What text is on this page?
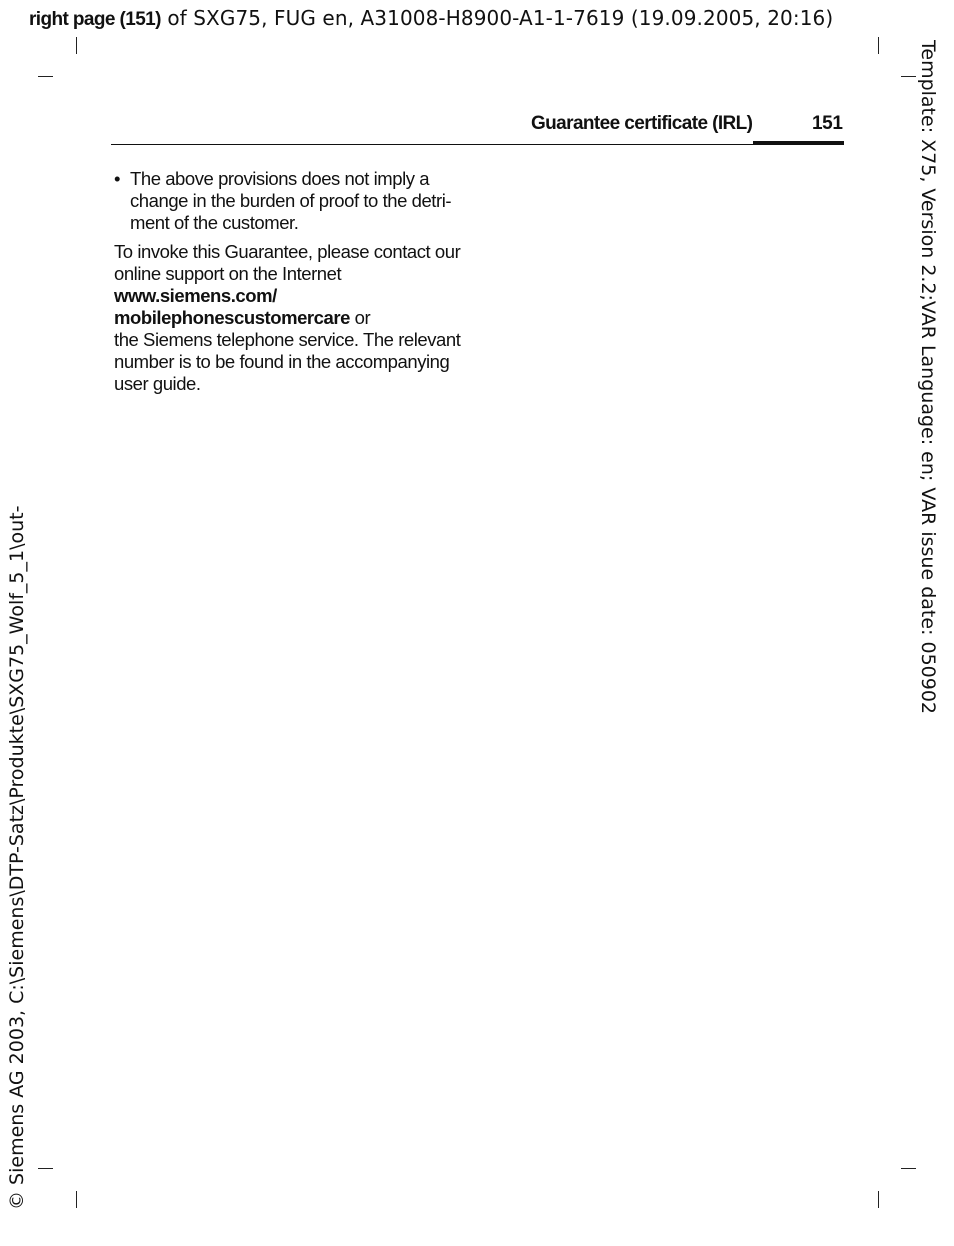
right page (151) of SXG75, FUG en, A31008-H8900-A1-1-7619 (19.09.2005, 20:16)
Guarantee certificate (IRL)	151

• The above provisions does not imply a change in the burden of proof to the detri-ment of the customer.

To invoke this Guarantee, please contact our online support on the Internet
www.siemens.com/
mobilephonescustomercare or
the Siemens telephone service. The relevant number is to be found in the accompanying user guide.	Template: X75, Version 2.2;VAR Language: en; VAR issue date: 050902
© Siemens AG 2003, C:\Siemens\DTP-Satz\Produkte\SXG75_Wolf_5_1\out-
